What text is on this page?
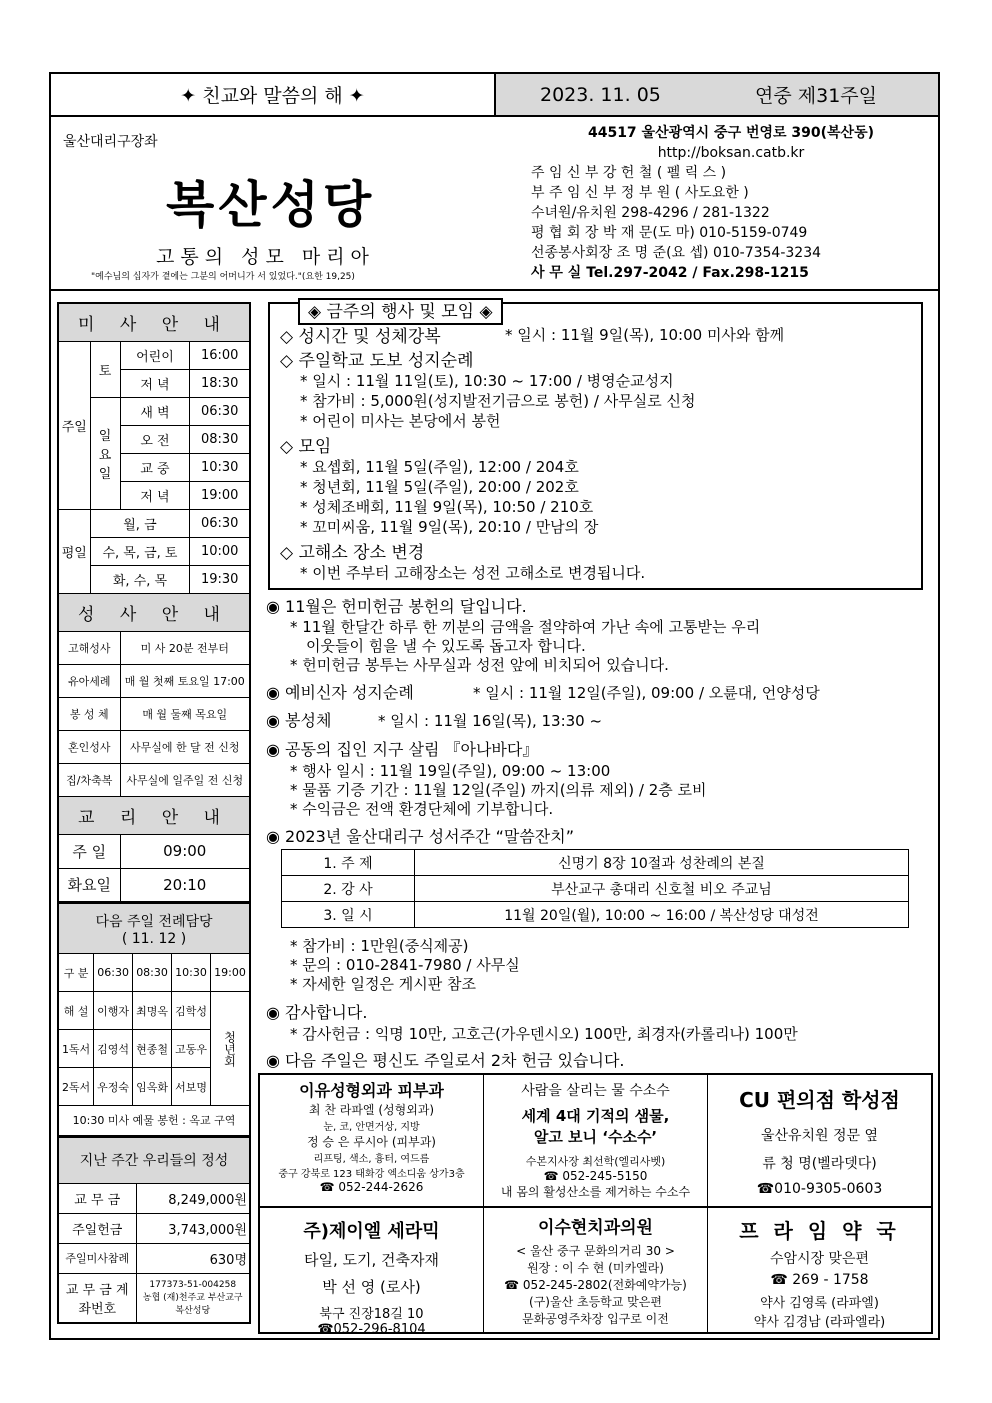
✦ 친교와 말씀의 해 ✦	2023. 11. 05	연중 제31주일
울산대리구장좌
복산성당
고통의 성모 마리아
"예수님의 십자가 곁에는 그분의 어머니가 서 있었다."(요한 19,25)
44517 울산광역시 중구 번영로 390(복산동)
http://boksan.catb.kr
주 임 신 부 강 헌 철 ( 펠 릭 스 )
부 주 임 신 부 정 부 원 ( 사도요한 )
수녀원/유치원 298-4296 / 281-1322
평 협 회 장 박 재 문(도 마) 010-5159-0749
선종봉사회장 조 명 준(요 셉) 010-7354-3234
사 무 실 Tel.297-2042 / Fax.298-1215
미 사 안 내			
주일	토	어린이	16:00
		저 녁	18:30
	일요일	새 벽	06:30
		오 전	08:30
		교 중	10:30
		저 녁	19:00
평일	월, 금		06:30
	수, 목, 금, 토		10:00
	화, 수, 목		19:30
성 사 안 내			
고해성사		미 사 20분 전부터	
유아세례		매 월 첫째 토요일 17:00	
봉 성 체		매 월 둘째 목요일	
혼인성사		사무실에 한 달 전 신청	
집/차축복		사무실에 일주일 전 신청	
교 리 안 내			
주 일		09:00	
화요일		20:10	
다음 주일 전례담당
( 11. 12 )				

구 분	06:30	08:30	10:30	19:00
해 설	이행자	최명옥	김학성	청년회
1독서	김영석	현종철	고동우	
2독서	우정숙	임옥화	서보명	
10:30 미사 예물 봉헌 : 옥교 구역				
지난 주간 우리들의 정성	
교 무 금	8,249,000원
주일헌금	3,743,000원
주일미사참례	630명
교 무 금 계좌번호	177373-51-004258
농협 (재)천주교 부산교구 복산성당
◈ 금주의 행사 및 모임 ◈
◇ 성시간 및 성체강복	* 일시 : 11월 9일(목), 10:00 미사와 함께
◇ 주일학교 도보 성지순례
* 일시 : 11월 11일(토), 10:30 ~ 17:00 / 병영순교성지
* 참가비 : 5,000원(성지발전기금으로 봉헌) / 사무실로 신청
* 어린이 미사는 본당에서 봉헌
◇ 모임
* 요셉회, 11월 5일(주일), 12:00 / 204호
* 청년회, 11월 5일(주일), 20:00 / 202호
* 성체조배회, 11월 9일(목), 10:50 / 210호
* 꼬미씨움, 11월 9일(목), 20:10 / 만남의 장
◇ 고해소 장소 변경
* 이번 주부터 고해장소는 성전 고해소로 변경됩니다.
◉ 11월은 헌미헌금 봉헌의 달입니다.
* 11월 한달간 하루 한 끼분의 금액을 절약하여 가난 속에 고통받는 우리
이웃들이 힘을 낼 수 있도록 돕고자 합니다.
* 헌미헌금 봉투는 사무실과 성전 앞에 비치되어 있습니다.
◉ 예비신자 성지순례	* 일시 : 11월 12일(주일), 09:00 / 오륜대, 언양성당
◉ 봉성체	* 일시 : 11월 16일(목), 13:30 ~
◉ 공동의 집인 지구 살림 『아나바다』
* 행사 일시 : 11월 19일(주일), 09:00 ~ 13:00
* 물품 기증 기간 : 11월 12일(주일) 까지(의류 제외) / 2층 로비
* 수익금은 전액 환경단체에 기부합니다.
◉ 2023년 울산대리구 성서주간 “말씀잔치”
1. 주 제	신명기 8장 10절과 성찬례의 본질
2. 강 사	부산교구 총대리 신호철 비오 주교님
3. 일 시	11월 20일(월), 10:00 ~ 16:00 / 복산성당 대성전
* 참가비 : 1만원(중식제공)
* 문의 : 010-2841-7980 / 사무실
* 자세한 일정은 게시판 참조
◉ 감사합니다.
* 감사헌금 : 익명 10만, 고호근(가우덴시오) 100만, 최경자(카롤리나) 100만
◉ 다음 주일은 평신도 주일로서 2차 헌금 있습니다.
이유성형외과 피부과
최 찬 라파엘 (성형외과)
눈, 코, 안면거상, 지방
정 승 은 루시아 (피부과)
리프팅, 색소, 흉터, 여드름
중구 강북로 123 태화강 엑소디움 상가3층
☎ 052-244-2626
사람을 살리는 물 수소수
세계 4대 기적의 샘물,
알고 보니 ‘수소수’
수본지사장 최선학(엘리사벳)
☎ 052-245-5150
내 몸의 활성산소를 제거하는 수소수
CU 편의점 학성점
울산유치원 정문 옆
류 청 명(벨라뎃다)
☎010-9305-0603
주)제이엘 세라믹
타일, 도기, 건축자재
박 선 영 (로사)
북구 진장18길 10
☎052-296-8104
이수현치과의원
< 울산 중구 문화의거리 30 >
원장 : 이 수 현 (미카엘라)
☎ 052-245-2802(전화예약가능)
(구)울산 초등학교 맞은편
문화공영주차장 입구로 이전
프 라 임 약 국
수암시장 맞은편
☎ 269 - 1758
약사 김영록 (라파엘)
약사 김경남 (라파엘라)
